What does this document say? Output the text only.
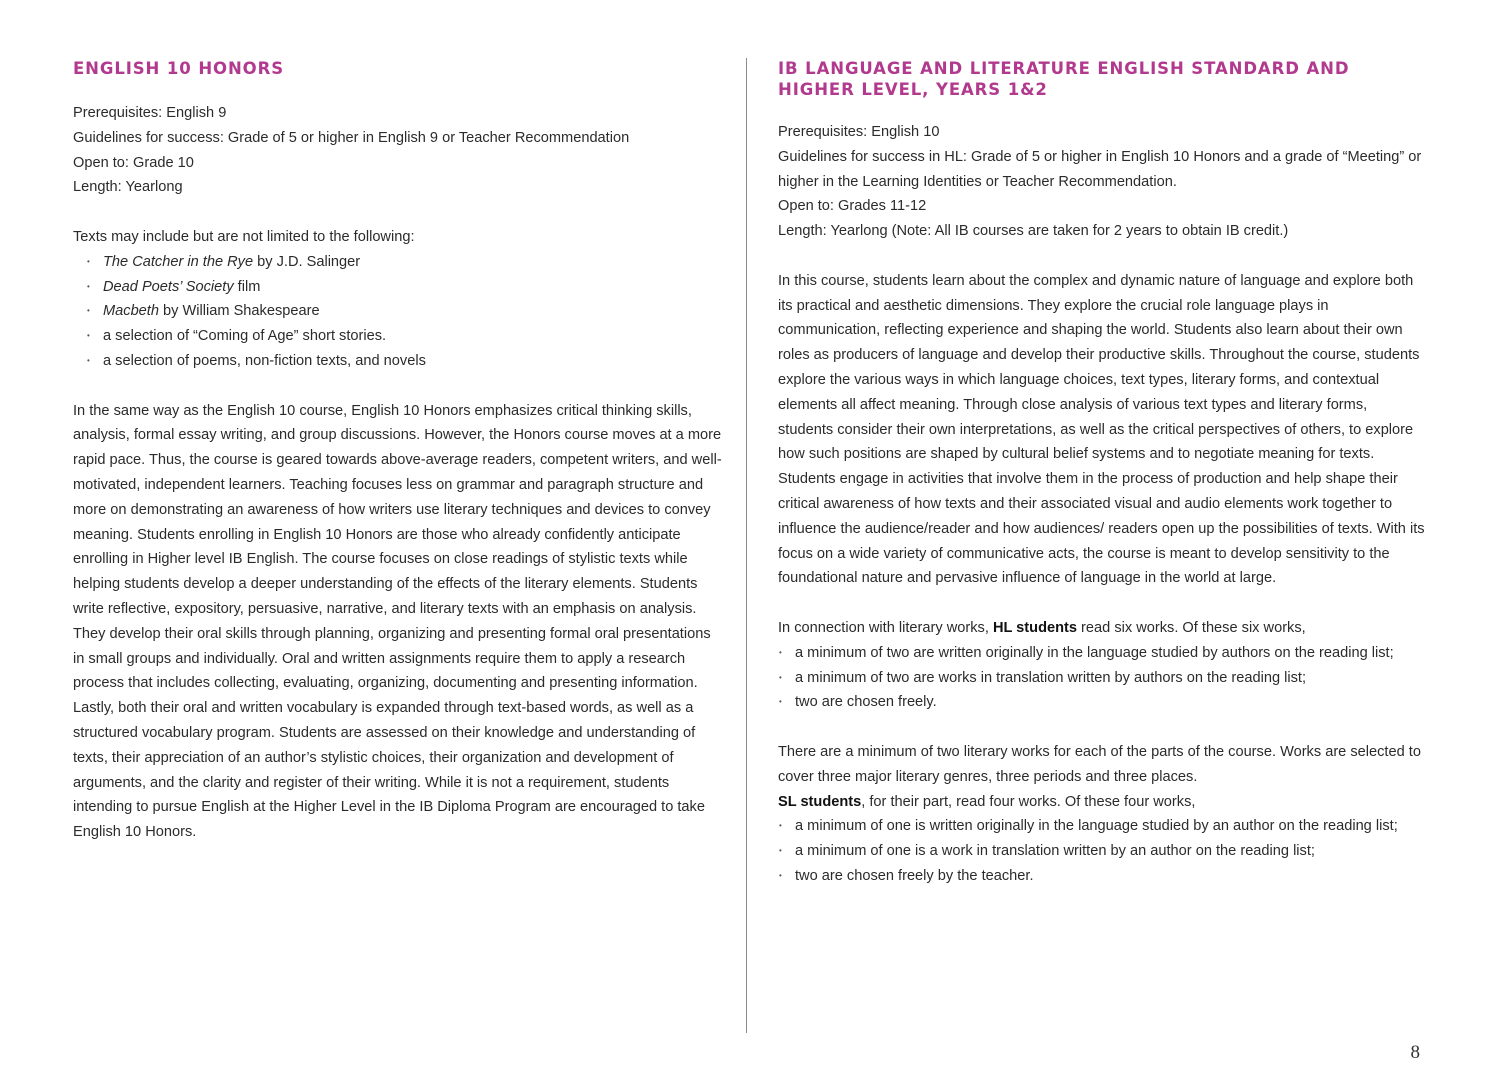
ENGLISH 10 HONORS

Prerequisites: English 9

Guidelines for success: Grade of 5 or higher in English 9 or Teacher Recommendation

Open to: Grade 10

Length: Yearlong

Texts may include but are not limited to the following:

• The Catcher in the Rye by J.D. Salinger
• Dead Poets’ Society film
• Macbeth by William Shakespeare
• a selection of “Coming of Age” short stories.
• a selection of poems, non-fiction texts, and novels

In the same way as the English 10 course, English 10 Honors emphasizes critical thinking skills, analysis, formal essay writing, and group discussions. However, the Honors course moves at a more rapid pace. Thus, the course is geared towards above-average readers, competent writers, and well-motivated, independent learners. Teaching focuses less on grammar and paragraph structure and more on demonstrating an awareness of how writers use literary techniques and devices to convey meaning. Students enrolling in English 10 Honors are those who already confidently anticipate enrolling in Higher level IB English. The course focuses on close readings of stylistic texts while helping students develop a deeper understanding of the effects of the literary elements. Students write reflective, expository, persuasive, narrative, and literary texts with an emphasis on analysis. They develop their oral skills through planning, organizing and presenting formal oral presentations in small groups and individually. Oral and written assignments require them to apply a research process that includes collecting, evaluating, organizing, documenting and presenting information. Lastly, both their oral and written vocabulary is expanded through text-based words, as well as a structured vocabulary program. Students are assessed on their knowledge and understanding of texts, their appreciation of an author’s stylistic choices, their organization and development of arguments, and the clarity and register of their writing. While it is not a requirement, students intending to pursue English at the Higher Level in the IB Diploma Program are encouraged to take English 10 Honors.

IB LANGUAGE AND LITERATURE ENGLISH STANDARD AND HIGHER LEVEL, YEARS 1&2

Prerequisites: English 10

Guidelines for success in HL: Grade of 5 or higher in English 10 Honors and a grade of “Meeting” or higher in the Learning Identities or Teacher Recommendation.

Open to: Grades 11-12

Length: Yearlong (Note: All IB courses are taken for 2 years to obtain IB credit.)

In this course, students learn about the complex and dynamic nature of language and explore both its practical and aesthetic dimensions. They explore the crucial role language plays in communication, reflecting experience and shaping the world. Students also learn about their own roles as producers of language and develop their productive skills. Throughout the course, students explore the various ways in which language choices, text types, literary forms, and contextual elements all affect meaning. Through close analysis of various text types and literary forms, students consider their own interpretations, as well as the critical perspectives of others, to explore how such positions are shaped by cultural belief systems and to negotiate meaning for texts. Students engage in activities that involve them in the process of production and help shape their critical awareness of how texts and their associated visual and audio elements work together to influence the audience/reader and how audiences/ readers open up the possibilities of texts. With its focus on a wide variety of communicative acts, the course is meant to develop sensitivity to the foundational nature and pervasive influence of language in the world at large.

In connection with literary works, HL students read six works. Of these six works,

• a minimum of two are written originally in the language studied by authors on the reading list;
• a minimum of two are works in translation written by authors on the reading list;
• two are chosen freely.

There are a minimum of two literary works for each of the parts of the course. Works are selected to cover three major literary genres, three periods and three places.

SL students, for their part, read four works. Of these four works,

• a minimum of one is written originally in the language studied by an author on the reading list;
• a minimum of one is a work in translation written by an author on the reading list;
• two are chosen freely by the teacher.
8
